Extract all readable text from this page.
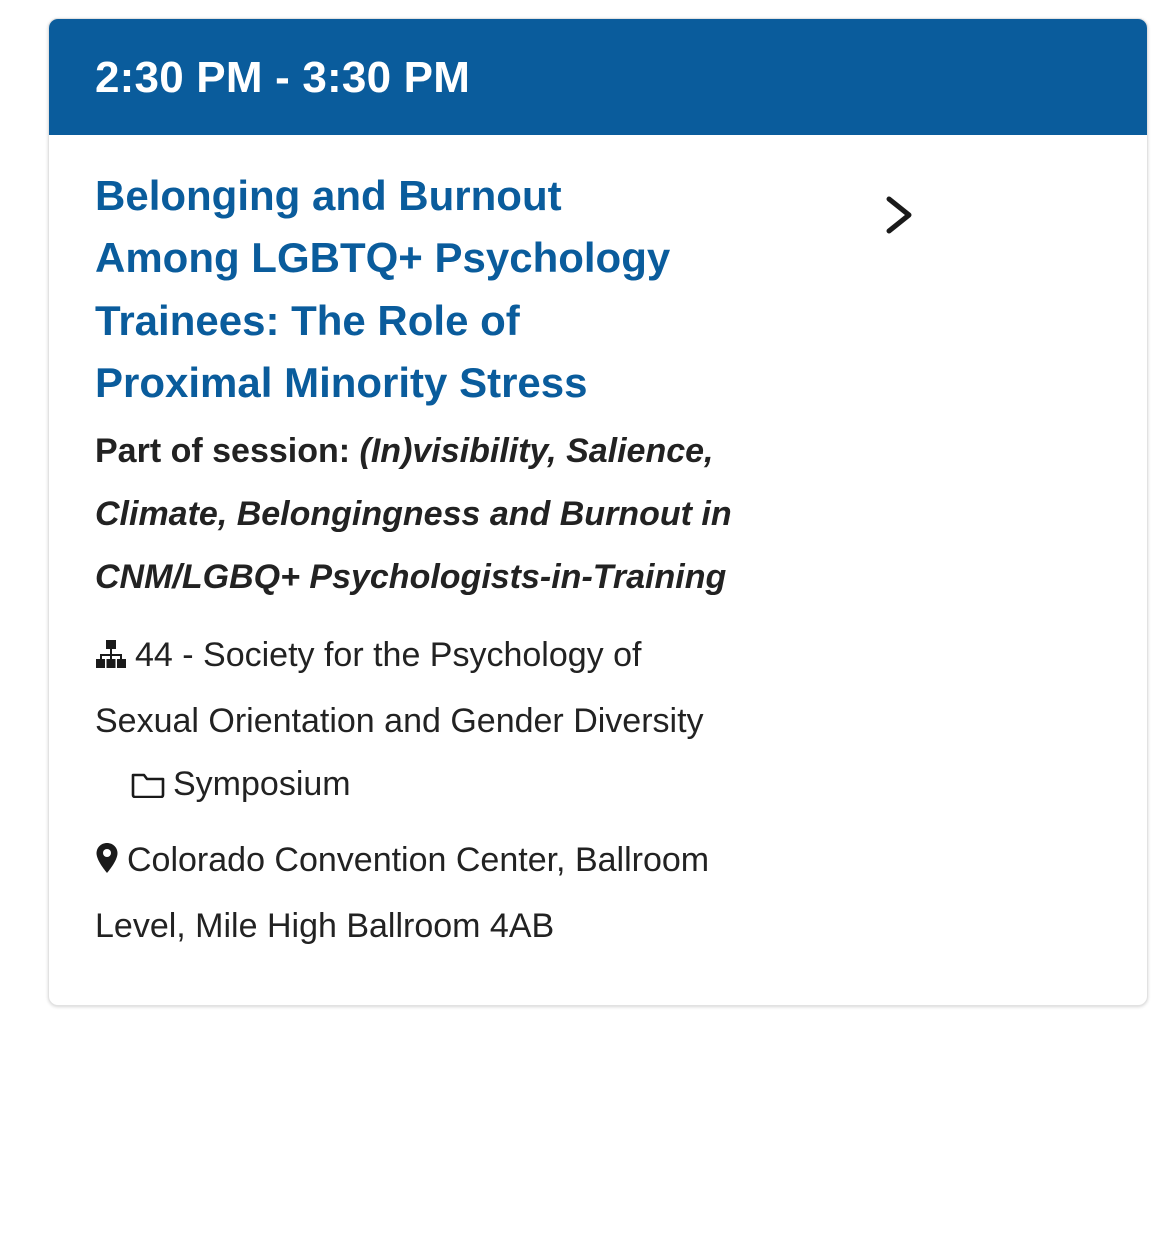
2:30 PM - 3:30 PM
Belonging and Burnout Among LGBTQ+ Psychology Trainees: The Role of Proximal Minority Stress
Part of session: (In)visibility, Salience, Climate, Belongingness and Burnout in CNM/LGBQ+ Psychologists-in-Training
44 - Society for the Psychology of Sexual Orientation and Gender DiversitySymposium
Colorado Convention Center, Ballroom Level, Mile High Ballroom 4AB
